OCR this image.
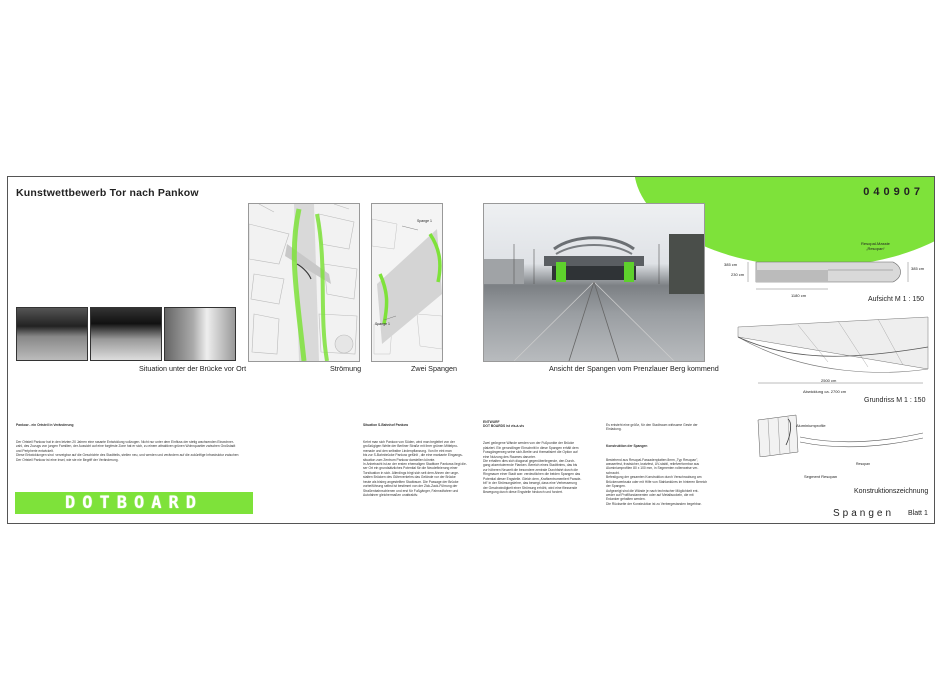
Kunstwettbewerb Tor nach Pankow	040907
Situation unter der Brücke vor Ort	Strömung
Spange 1
Spange 1
Zwei Spangen	Ansicht der Spangen vom Prenzlauer Berg kommend
Resopal-Masste
„Resopan“
385 cm
230 cm
1180 cm
385 cm
Aufsicht M 1 : 150
2500 cm
Abwicklung ca. 2700 cm
Grundriss M 1 : 150
Aluminiumprofile
Resopan
Segment Resopan
Konstruktionszeichnung

Pankow - ein Ortsteil in Veränderung

Der Ortsteil Pankow hat in den letzten 20 Jahren eine rasante Entwicklung vollzogen. Nicht nur unter dem Einfluss der stetig wachsenden Einwohner-
zahl, des Zuzugs von jungen Familien, der Aussicht auf eine forgfeste Zone hat er sich, zu einem attraktiven grünen Wohnquartier zwischen Großstadt
und Peripherie entwickelt.
Diese Entwicklungen sind  verzeigbar auf die Geschichte des Stadtteils, steilen neu, und werden und verändern auf die zukünftige Infrastruktur zwischen
Der Ortsteil Pankow ist eine Insel, wie sie nie Begriff der Veränderung.

Situation S-Bahnhof Pankow

Kehrt man sich Pankow von Süden, wird man begleitet von der
großzügigen Weite der Berliner Straße mit ihrer grünen Mittelpro-
menade und den selbstbe Lindenpflanzung. Von ihr eint man
bis zur S-Bahnbrücke Pankow gefühlt , die eine markante Eingangs-
situation zum Zentrum Pankow darstellen könnte.
In Anbetracht ist an der ersten ehemaligen Stadttore Pankows liegt die-
ser Ort ein grundsätzliches Potential für die Neudefinierung einer
Torsituation in sich. Allerdings birgt sich seit dem Ahnen der unge-
stalten Brücken des Güterverkehrs das Gelände vor der Brücke
heute als bisbrg angestellten Stadtraum. Die Passage der Brücke
vorbeiführung selbst ist bestimmt von der Zick-Zack-Führung der
Straßenbahnschienen und erst für Fußgänger, Fahrradfahrer und
Autofahrer gleichermaßen unattraktiv.

ENTWURF
DOT BOARDS ist vis-à-vis

Zwei geöngene Wände werden von der Fußpunkte der Brücke
platziert. Ein gerundlinger Einschnitt in diese Spangen erhält dem
Fussgängerweg seine sich-Breite und thematisiert die Option auf
eine Nutzung des Raumes darunter.
Die erhalten dies sich diagonal gegenüberliegende, den Durch-
gang akzentuierende Flanken. Bereich eines Stadtbrims, das bis
zur höheren Neuzeit die besondere zentrale Durchfahrt durch die
Ringmauer einer Stadt war: verdeutlichen die beiden Spangen das
Potential dieser Engstelle. Gleich dem „Kraftzentrumentiert Parade-
bit" in der Strömungslehre, das bewegt, dass eine Verbesserung
der Geschwindigkeit einer Strömung erhöht, wird eine fliessende
Bewegung durch diese Engstelle hindurch und forciert.

Es entsteht eine größe, für den Stadtraum wirksame Geste der
Einladung.

Konstruktion der Spangen

Bestehend aus Resopal-Fassadenplatten 8mm „Typ Resopan",
wasserfest, frostsicher, kratzfest, UV-stabil, reliefverformbar aus
Aluminiumprofilen 80 x 100 mm, in Segmenten rollenweise ver-
schraubt.
Befestigung der gesamten Konstruktion durch Verschraubung am
Brückenwerksatz oder mit Hilfe von Stahlanküres im hinteren Bereich
der Spangen.
Aufgezeigt sind die Wände je nach technischer Möglichkeit ent-
weder auf Profilfundamenten oder auf Metallsockeln, die mit
Erdanker gehalten werden.
Die Rückseite der Konstruktion ist zu Verbergestanden begehbar.

DOTBOARD
Spangen Blatt 1
